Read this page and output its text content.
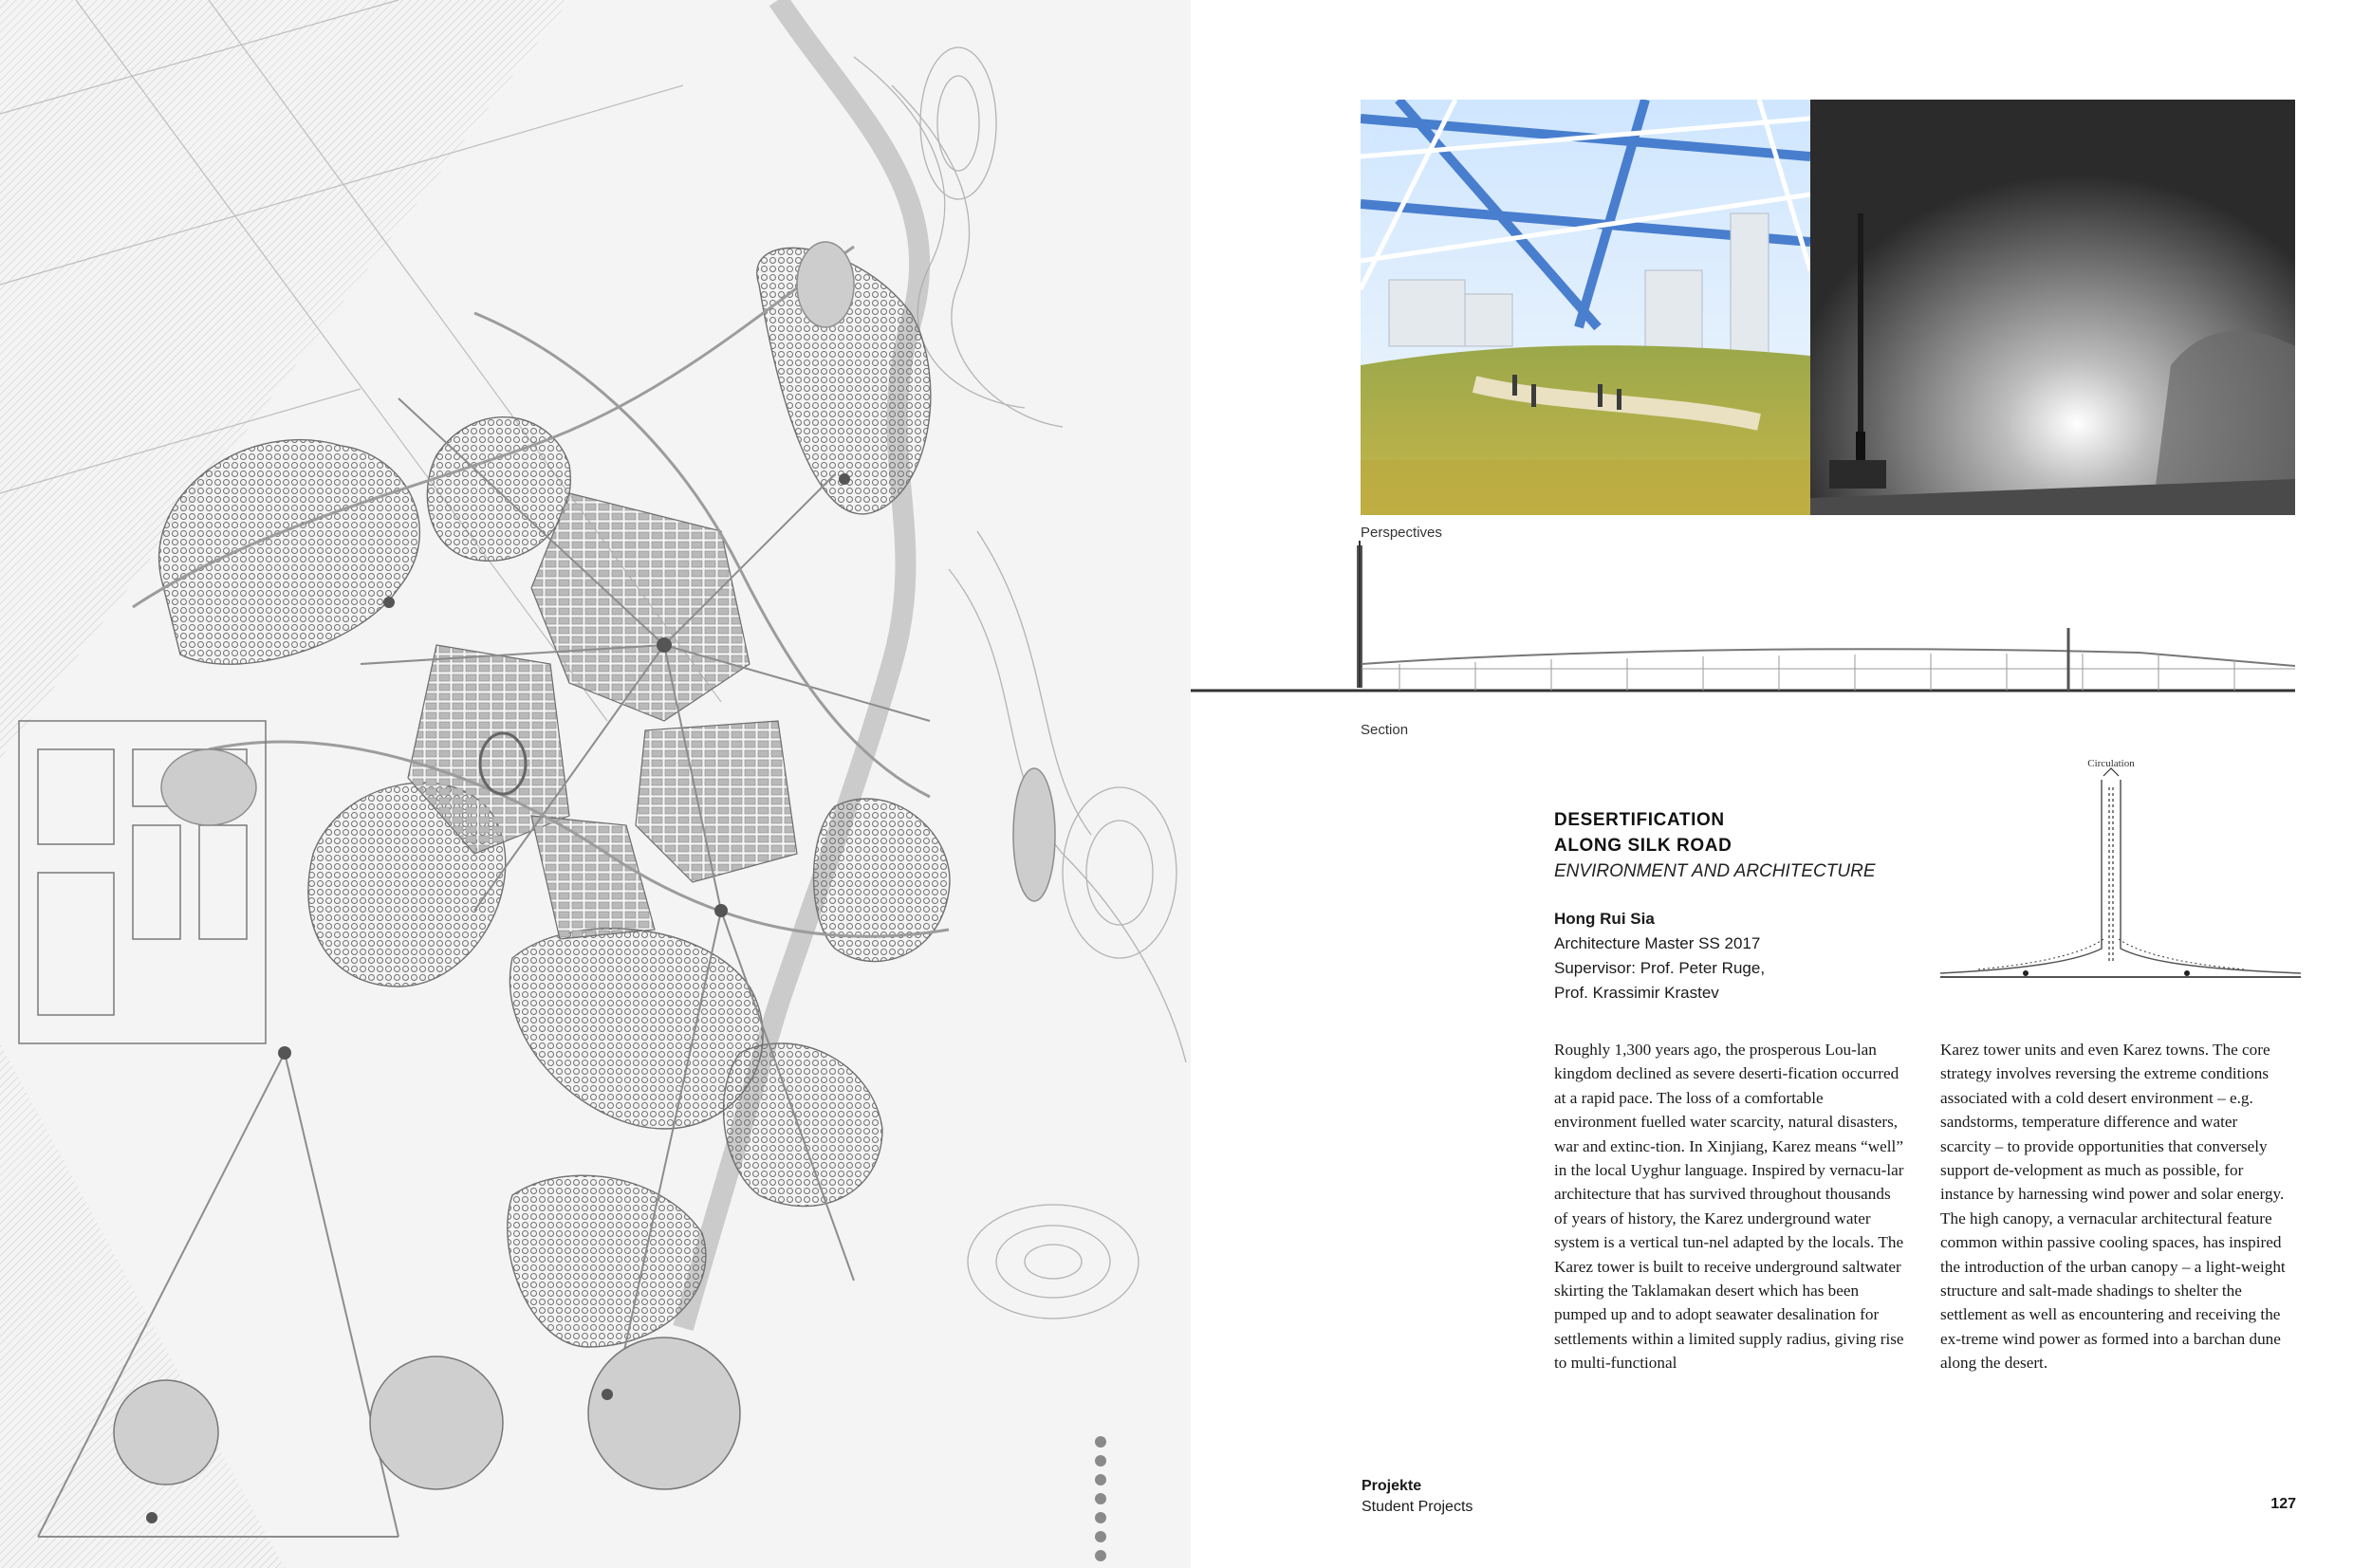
Perspectives
Section
Circulation
DESERTIFICATION
ALONG SILK ROAD
ENVIRONMENT AND ARCHITECTURE
Hong Rui Sia
Architecture Master SS 2017
Supervisor: Prof. Peter Ruge,
Prof. Krassimir Krastev
Roughly 1,300 years ago, the prosperous Lou-lan kingdom declined as severe deserti-fication occurred at a rapid pace. The loss of a comfortable environment fuelled water scarcity, natural disasters, war and extinc-tion. In Xinjiang, Karez means “well” in the local Uyghur language. Inspired by vernacu-lar architecture that has survived throughout thousands of years of history, the Karez underground water system is a vertical tun-nel adapted by the locals. The Karez tower is built to receive underground saltwater skirting the Taklamakan desert which has been pumped up and to adopt seawater desalination for settlements within a limited supply radius, giving rise to multi-functional
Karez tower units and even Karez towns. The core strategy involves reversing the extreme conditions associated with a cold desert environment – e.g. sandstorms, temperature difference and water scarcity – to provide opportunities that conversely support de-velopment as much as possible, for instance by harnessing wind power and solar energy. The high canopy, a vernacular architectural feature common within passive cooling spaces, has inspired the introduction of the urban canopy – a light-weight structure and salt-made shadings to shelter the settlement as well as encountering and receiving the ex-treme wind power as formed into a barchan dune along the desert.
Projekte
Student Projects	127
